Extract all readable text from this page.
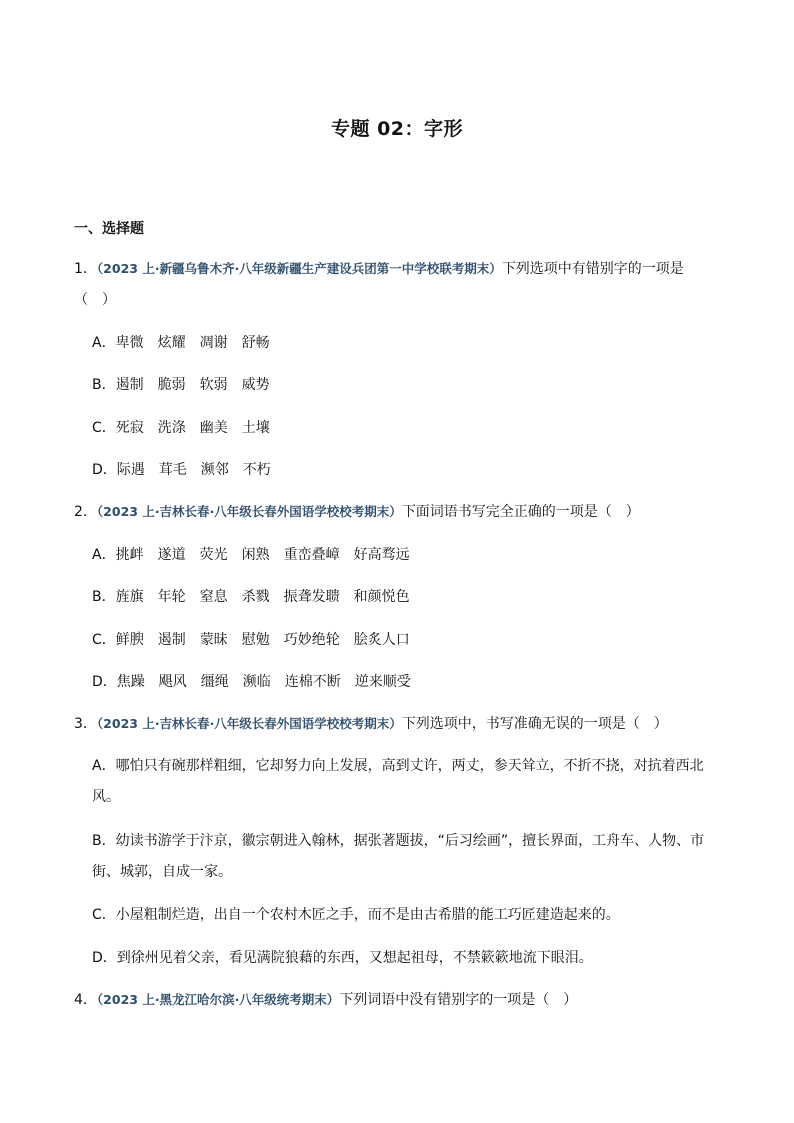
专题 02：字形
一、选择题
1．（2023 上·新疆乌鲁木齐·八年级新疆生产建设兵团第一中学校联考期末）下列选项中有错别字的一项是
（　）
A．卑微　炫耀　凋谢　舒畅
B．遏制　脆弱　软弱　威势
C．死寂　洗涤　幽美　土壤
D．际遇　茸毛　濒邻　不朽
2．（2023 上·吉林长春·八年级长春外国语学校校考期末）下面词语书写完全正确的一项是（　）
A．挑衅　遂道　荧光　闲熟　重峦叠嶂　好高骛远
B．旌旗　年轮　窒息　杀戮　振聋发聩　和颜悦色
C．鲜腴　遏制　蒙昧　慰勉　巧妙绝轮　脍炙人口
D．焦躁　飓风　缰绳　濒临　连棉不断　逆来顺受
3．（2023 上·吉林长春·八年级长春外国语学校校考期末）下列选项中，书写准确无误的一项是（　）
A．哪怕只有碗那样粗细，它却努力向上发展，高到丈许，两丈，参天耸立，不折不挠，对抗着西北风。
B．幼读书游学于汴京，徽宗朝进入翰林，据张著题拔，“后习绘画”，擅长界面，工舟车、人物、市街、城郭，自成一家。
C．小屋粗制烂造，出自一个农村木匠之手，而不是由古希腊的能工巧匠建造起来的。
D．到徐州见着父亲，看见满院狼藉的东西，又想起祖母，不禁簌簌地流下眼泪。
4．（2023 上·黑龙江哈尔滨·八年级统考期末）下列词语中没有错别字的一项是（　）
